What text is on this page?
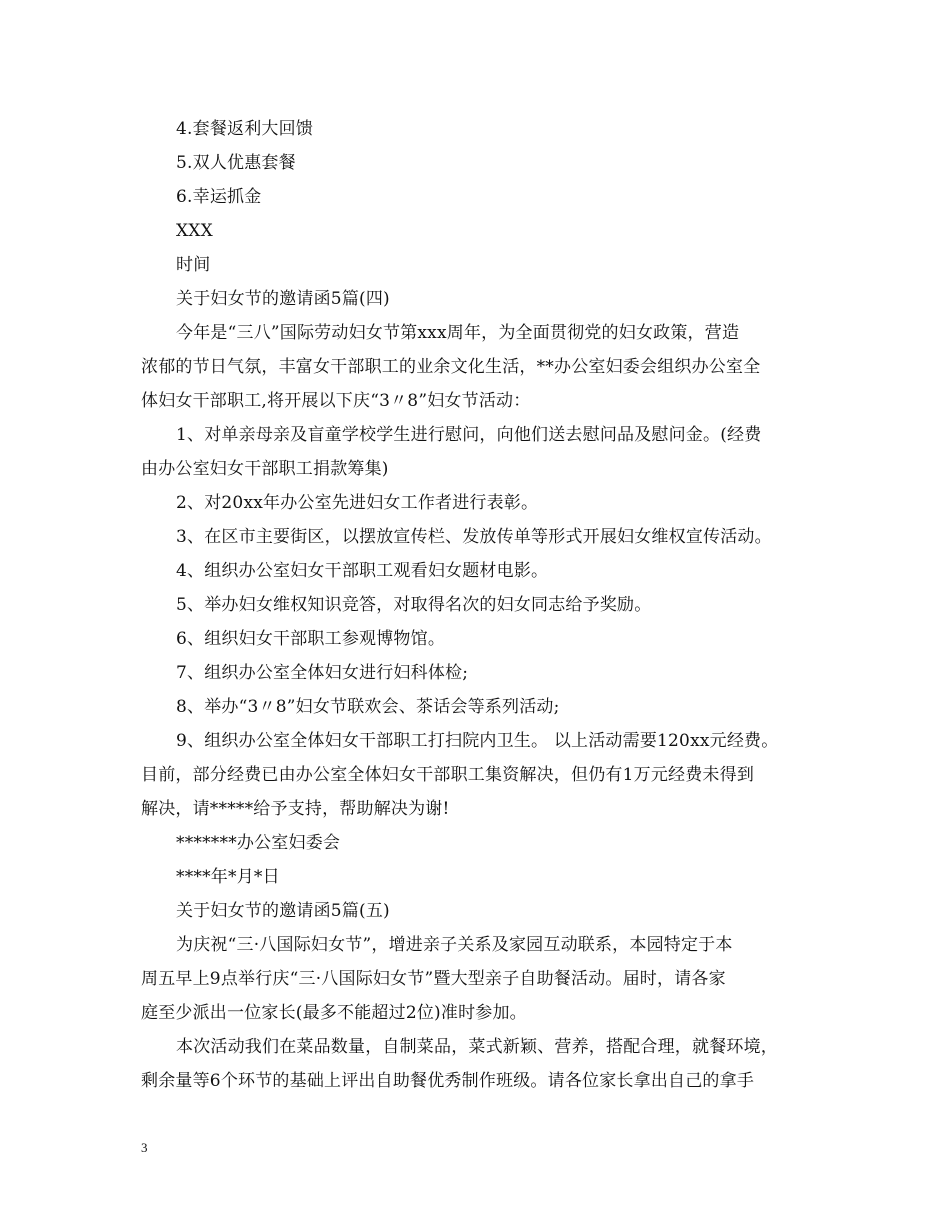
4.套餐返利大回馈
5.双人优惠套餐
6.幸运抓金
XXX
时间
关于妇女节的邀请函5篇(四)
今年是“三八”国际劳动妇女节第xxx周年，为全面贯彻党的妇女政策，营造
浓郁的节日气氛，丰富女干部职工的业余文化生活，**办公室妇委会组织办公室全
体妇女干部职工,将开展以下庆“3〃8”妇女节活动：
1、对单亲母亲及盲童学校学生进行慰问，向他们送去慰问品及慰问金。(经费
由办公室妇女干部职工捐款筹集)
2、对20xx年办公室先进妇女工作者进行表彰。
3、在区市主要街区，以摆放宣传栏、发放传单等形式开展妇女维权宣传活动。
4、组织办公室妇女干部职工观看妇女题材电影。
5、举办妇女维权知识竞答，对取得名次的妇女同志给予奖励。
6、组织妇女干部职工参观博物馆。
7、组织办公室全体妇女进行妇科体检;
8、举办“3〃8”妇女节联欢会、茶话会等系列活动;
9、组织办公室全体妇女干部职工打扫院内卫生。 以上活动需要120xx元经费。
目前，部分经费已由办公室全体妇女干部职工集资解决，但仍有1万元经费未得到
解决，请*****给予支持，帮助解决为谢!
*******办公室妇委会
****年*月*日
关于妇女节的邀请函5篇(五)
为庆祝“三·八国际妇女节”，增进亲子关系及家园互动联系，本园特定于本
周五早上9点举行庆“三·八国际妇女节”暨大型亲子自助餐活动。届时，请各家
庭至少派出一位家长(最多不能超过2位)准时参加。
本次活动我们在菜品数量，自制菜品，菜式新颖、营养，搭配合理，就餐环境，
剩余量等6个环节的基础上评出自助餐优秀制作班级。请各位家长拿出自己的拿手
3
